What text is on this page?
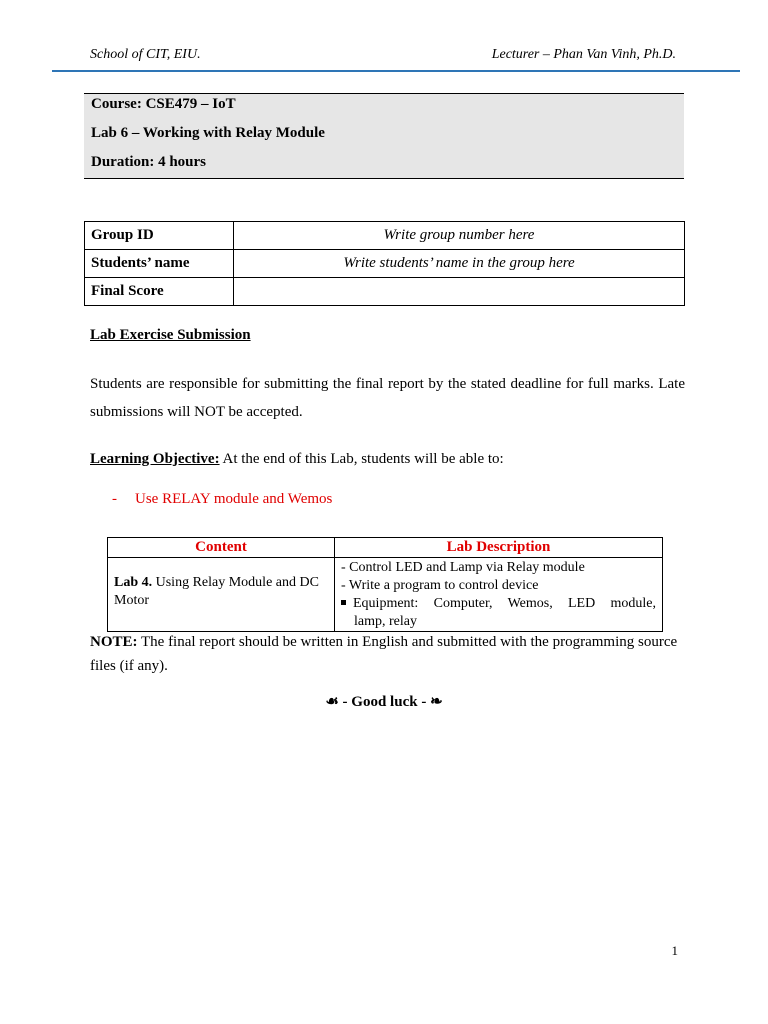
School of CIT, EIU.	Lecturer – Phan Van Vinh, Ph.D.
Course: CSE479 – IoT
Lab 6 – Working with Relay Module
Duration: 4 hours
Group ID	Write group number here
Students’ name	Write students’ name in the group here
Final Score	
Lab Exercise Submission
Students are responsible for submitting the final report by the stated deadline for full marks. Late submissions will NOT be accepted.
Learning Objective: At the end of this Lab, students will be able to:
- Use RELAY module and Wemos
Content	Lab Description
Lab 4. Using Relay Module and DC Motor	- Control LED and Lamp via Relay module
- Write a program to control device
Equipment: Computer, Wemos, LED module,
lamp, relay
NOTE: The final report should be written in English and submitted with the programming source files (if any).
☙ - Good luck - ❧
1
